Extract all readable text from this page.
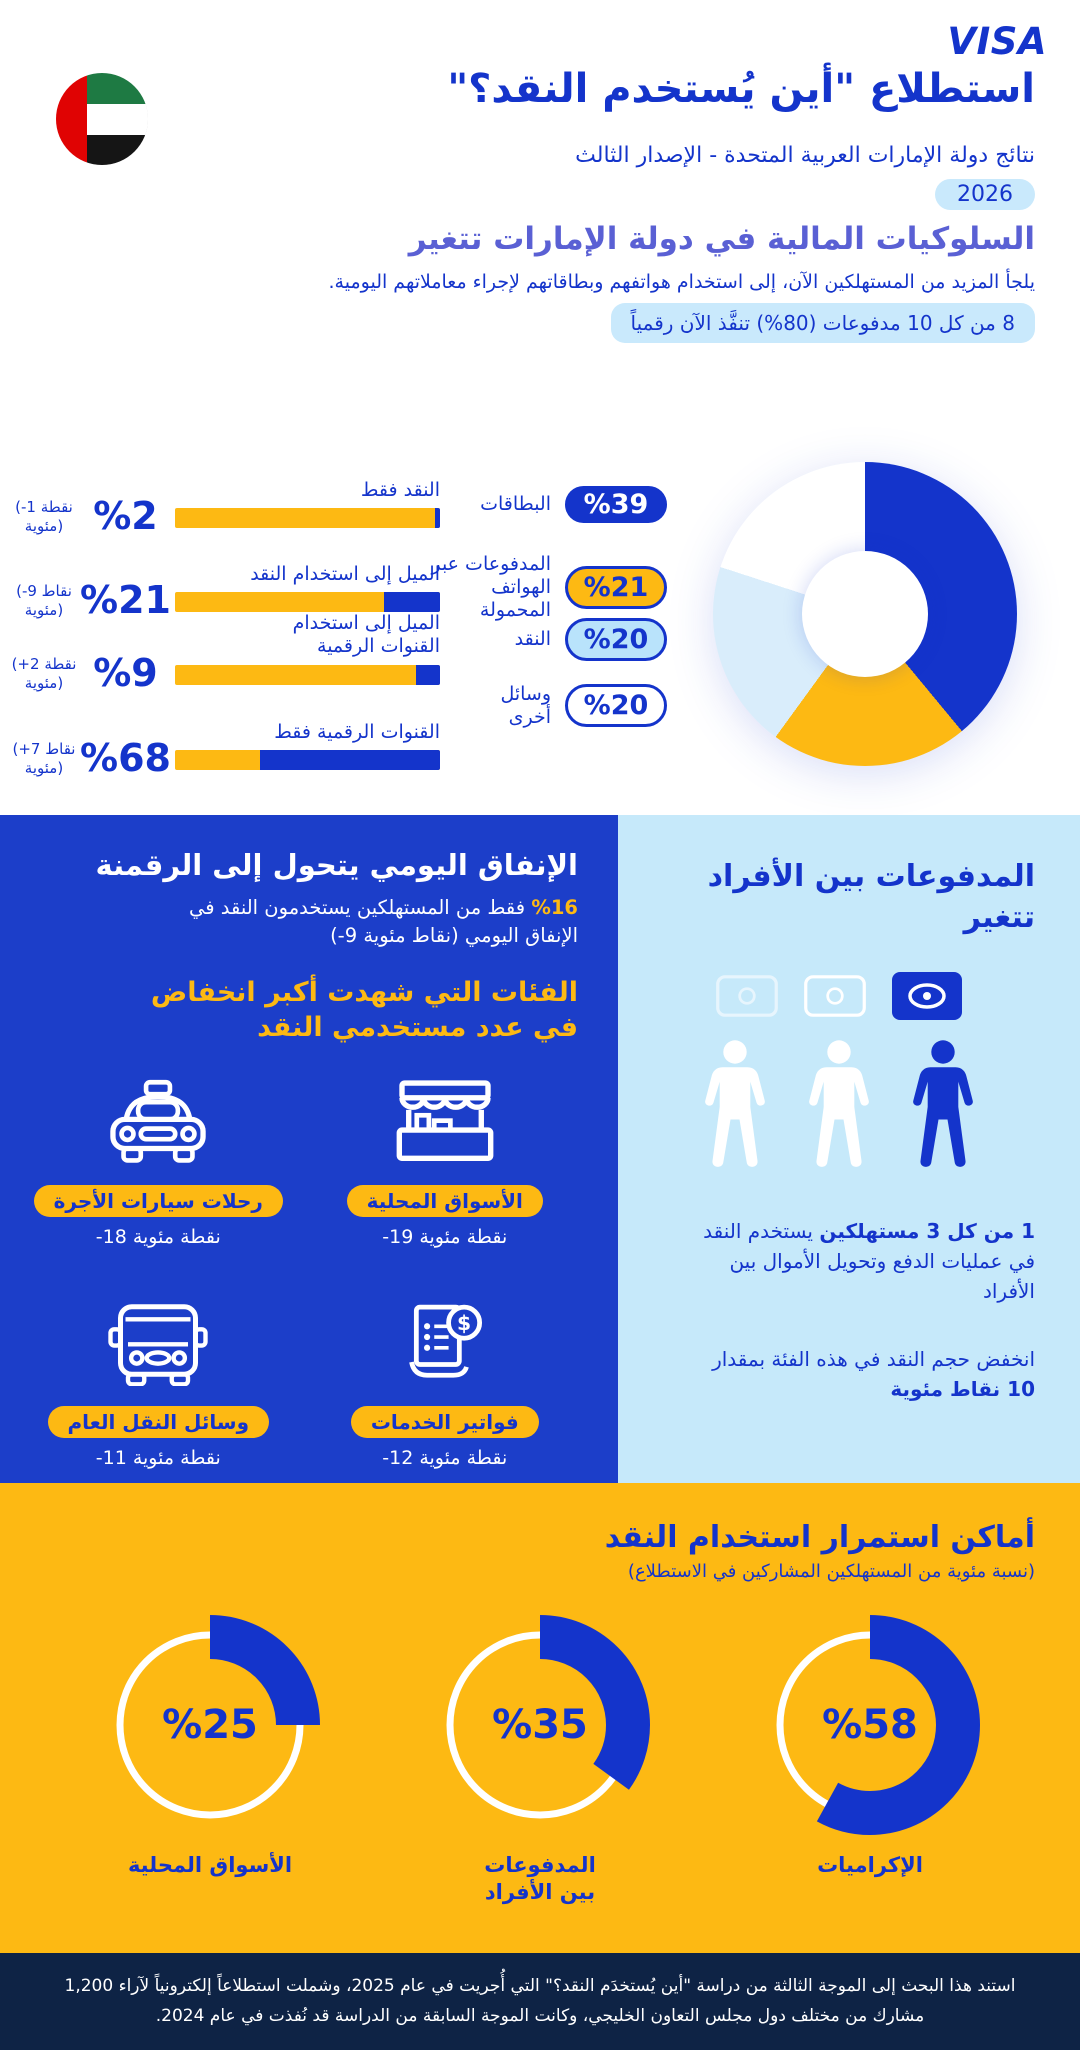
VISA
استطلاع "أين يُستخدم النقد؟"
نتائج دولة الإمارات العربية المتحدة - الإصدار الثالث
2026
السلوكيات المالية في دولة الإمارات تتغير
يلجأ المزيد من المستهلكين الآن، إلى استخدام هواتفهم وبطاقاتهم لإجراء معاملاتهم اليومية.
8 من كل 10 مدفوعات (80%) تنفَّذ الآن رقمياً
النقد فقط
%2
(-1 نقطة مئوية)
الميل إلى استخدام النقد
%21
(-9 نقاط مئوية)
الميل إلى استخدام القنوات الرقمية
%9
(+2 نقطة مئوية)
القنوات الرقمية فقط
%68
(+7 نقاط مئوية)
%39
البطاقات
%21
المدفوعات عبر الهواتف المحمولة
%20
النقد
%20
وسائل أخرى
المدفوعات بين الأفراد تتغير

1 من كل 3 مستهلكين يستخدم النقد في عمليات الدفع وتحويل الأموال بين الأفراد

انخفض حجم النقد في هذه الفئة بمقدار 10 نقاط مئوية

الإنفاق اليومي يتحول إلى الرقمنة

%16 فقط من المستهلكين يستخدمون النقد في الإنفاق اليومي (-9 نقاط مئوية)

الفئات التي شهدت أكبر انخفاض في عدد مستخدمي النقد

الأسواق المحلية
-19 نقطة مئوية
رحلات سيارات الأجرة
-18 نقطة مئوية
$
فواتير الخدمات
-12 نقطة مئوية
وسائل النقل العام
-11 نقطة مئوية
أماكن استمرار استخدام النقد
(نسبة مئوية من المستهلكين المشاركين في الاستطلاع)
%58
الإكراميات
%35
المدفوعات بين الأفراد
%25
الأسواق المحلية

استند هذا البحث إلى الموجة الثالثة من دراسة "أين يُستخدَم النقد؟" التي أُجريت في عام 2025، وشملت استطلاعاً إلكترونياً لآراء 1,200 مشارك من مختلف دول مجلس التعاون الخليجي، وكانت الموجة السابقة من الدراسة قد نُفذت في عام 2024.
